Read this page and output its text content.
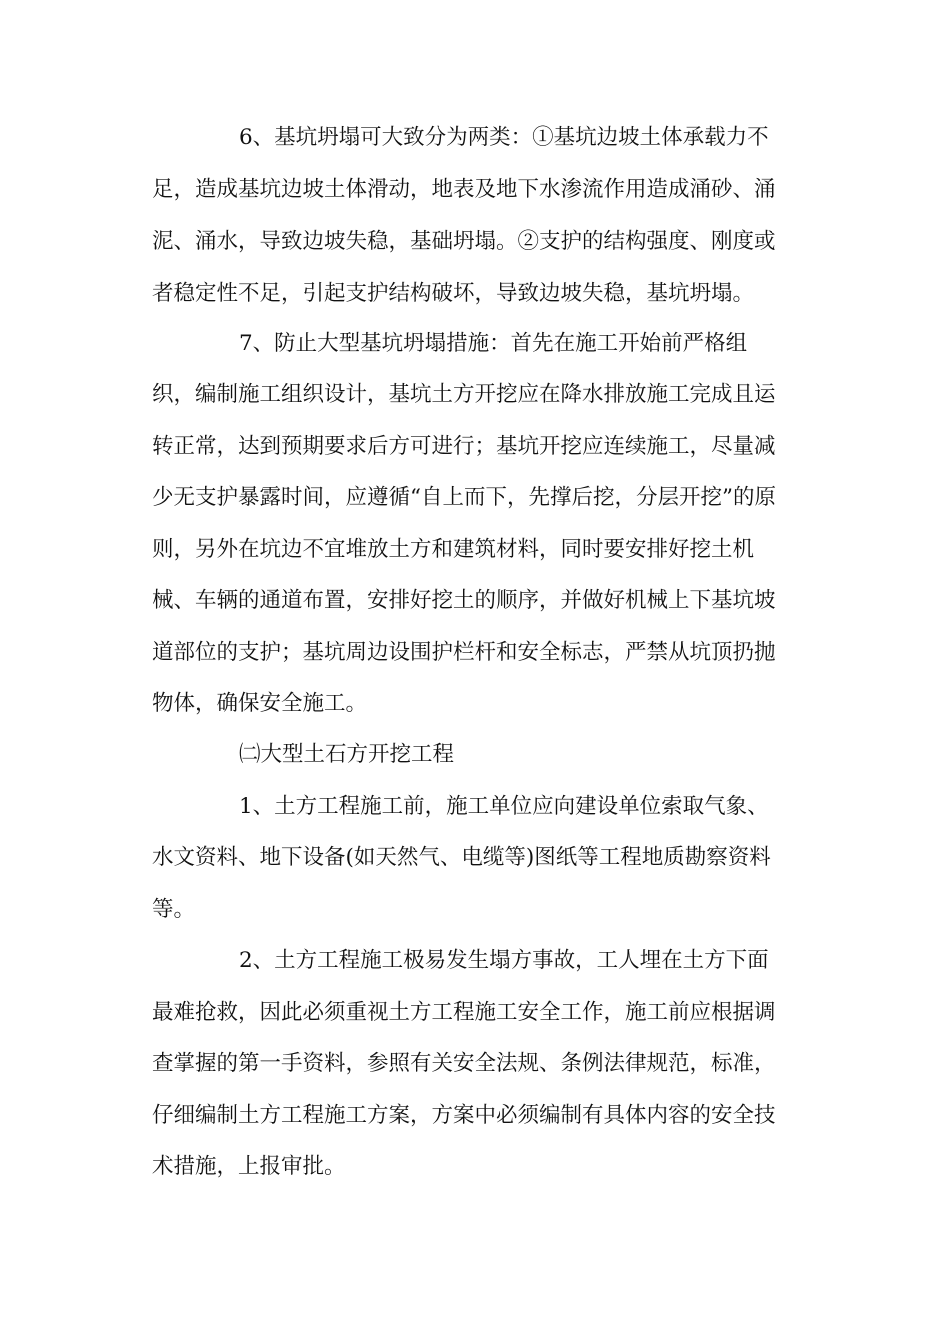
6、基坑坍塌可大致分为两类：①基坑边坡土体承载力不
足，造成基坑边坡土体滑动，地表及地下水渗流作用造成涌砂、涌
泥、涌水，导致边坡失稳，基础坍塌。②支护的结构强度、刚度或
者稳定性不足，引起支护结构破坏，导致边坡失稳，基坑坍塌。
7、防止大型基坑坍塌措施：首先在施工开始前严格组
织，编制施工组织设计，基坑土方开挖应在降水排放施工完成且运
转正常，达到预期要求后方可进行；基坑开挖应连续施工，尽量减
少无支护暴露时间，应遵循“自上而下，先撑后挖，分层开挖”的原
则，另外在坑边不宜堆放土方和建筑材料，同时要安排好挖土机
械、车辆的通道布置，安排好挖土的顺序，并做好机械上下基坑坡
道部位的支护；基坑周边设围护栏杆和安全标志，严禁从坑顶扔抛
物体，确保安全施工。
㈡大型土石方开挖工程
1、土方工程施工前，施工单位应向建设单位索取气象、
水文资料、地下设备(如天然气、电缆等)图纸等工程地质勘察资料
等。
2、土方工程施工极易发生塌方事故，工人埋在土方下面
最难抢救，因此必须重视土方工程施工安全工作，施工前应根据调
查掌握的第一手资料，参照有关安全法规、条例法律规范，标准，
仔细编制土方工程施工方案，方案中必须编制有具体内容的安全技
术措施，上报审批。
